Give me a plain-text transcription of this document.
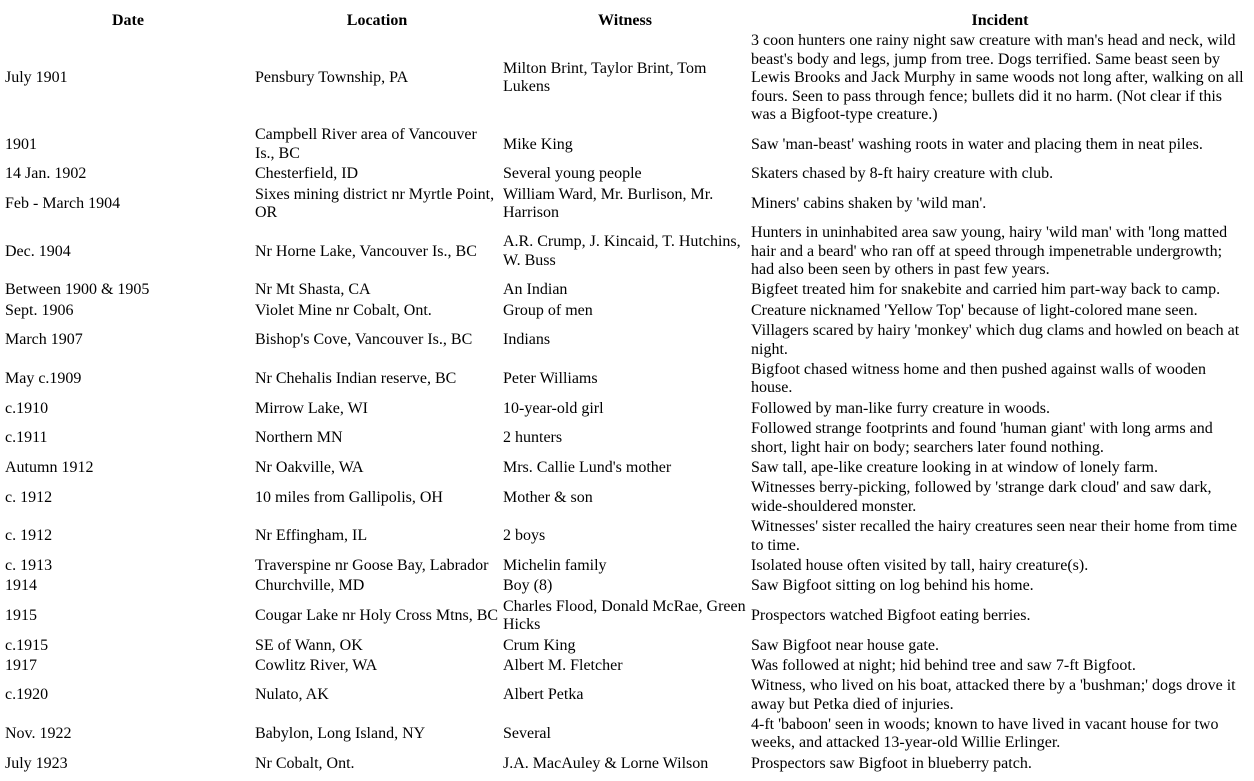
Date	Location	Witness	Incident
July 1901	Pensbury Township, PA	Milton Brint, Taylor Brint, Tom Lukens	3 coon hunters one rainy night saw creature with man's head and neck, wild beast's body and legs, jump from tree. Dogs terrified. Same beast seen by Lewis Brooks and Jack Murphy in same woods not long after, walking on all fours. Seen to pass through fence; bullets did it no harm. (Not clear if this was a Bigfoot-type creature.)
1901	Campbell River area of Vancouver Is., BC	Mike King	Saw 'man-beast' washing roots in water and placing them in neat piles.
14 Jan. 1902	Chesterfield, ID	Several young people	Skaters chased by 8-ft hairy creature with club.
Feb - March 1904	Sixes mining district nr Myrtle Point, OR	William Ward, Mr. Burlison, Mr. Harrison	Miners' cabins shaken by 'wild man'.
Dec. 1904	Nr Horne Lake, Vancouver Is., BC	A.R. Crump, J. Kincaid, T. Hutchins, W. Buss	Hunters in uninhabited area saw young, hairy 'wild man' with 'long matted hair and a beard' who ran off at speed through impenetrable undergrowth; had also been seen by others in past few years.
Between 1900 & 1905	Nr Mt Shasta, CA	An Indian	Bigfeet treated him for snakebite and carried him part-way back to camp.
Sept. 1906	Violet Mine nr Cobalt, Ont.	Group of men	Creature nicknamed 'Yellow Top' because of light-colored mane seen.
March 1907	Bishop's Cove, Vancouver Is., BC	Indians	Villagers scared by hairy 'monkey' which dug clams and howled on beach at night.
May c.1909	Nr Chehalis Indian reserve, BC	Peter Williams	Bigfoot chased witness home and then pushed against walls of wooden house.
c.1910	Mirrow Lake, WI	10-year-old girl	Followed by man-like furry creature in woods.
c.1911	Northern MN	2 hunters	Followed strange footprints and found 'human giant' with long arms and short, light hair on body; searchers later found nothing.
Autumn 1912	Nr Oakville, WA	Mrs. Callie Lund's mother	Saw tall, ape-like creature looking in at window of lonely farm.
c. 1912	10 miles from Gallipolis, OH	Mother & son	Witnesses berry-picking, followed by 'strange dark cloud' and saw dark, wide-shouldered monster.
c. 1912	Nr Effingham, IL	2 boys	Witnesses' sister recalled the hairy creatures seen near their home from time to time.
c. 1913	Traverspine nr Goose Bay, Labrador	Michelin family	Isolated house often visited by tall, hairy creature(s).
1914	Churchville, MD	Boy (8)	Saw Bigfoot sitting on log behind his home.
1915	Cougar Lake nr Holy Cross Mtns, BC	Charles Flood, Donald McRae, Green Hicks	Prospectors watched Bigfoot eating berries.
c.1915	SE of Wann, OK	Crum King	Saw Bigfoot near house gate.
1917	Cowlitz River, WA	Albert M. Fletcher	Was followed at night; hid behind tree and saw 7-ft Bigfoot.
c.1920	Nulato, AK	Albert Petka	Witness, who lived on his boat, attacked there by a 'bushman;' dogs drove it away but Petka died of injuries.
Nov. 1922	Babylon, Long Island, NY	Several	4-ft 'baboon' seen in woods; known to have lived in vacant house for two weeks, and attacked 13-year-old Willie Erlinger.
July 1923	Nr Cobalt, Ont.	J.A. MacAuley & Lorne Wilson	Prospectors saw Bigfoot in blueberry patch.
